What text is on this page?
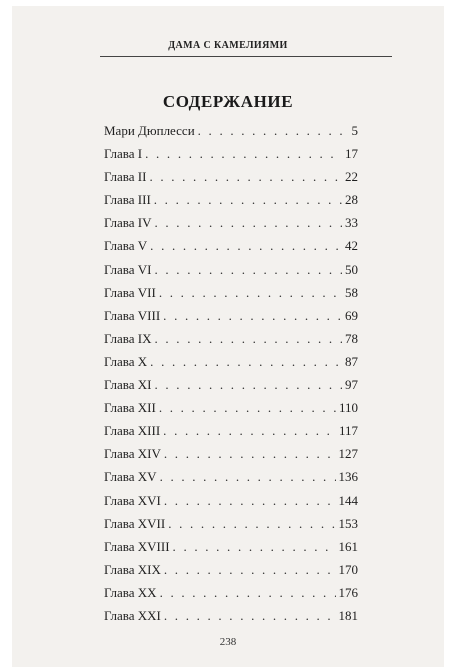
ДАМА С КАМЕЛИЯМИ
СОДЕРЖАНИЕ
Мари Дюплесси . . .	5
Глава I . . .	17
Глава II . . .	22
Глава III . . .	28
Глава IV . . .	33
Глава V . . .	42
Глава VI . . .	50
Глава VII . . .	58
Глава VIII . . .	69
Глава IX . . .	78
Глава X . . .	87
Глава XI . . .	97
Глава XII . . .	110
Глава XIII . . .	117
Глава XIV . . .	127
Глава XV . . .	136
Глава XVI . . .	144
Глава XVII . . .	153
Глава XVIII . . .	161
Глава XIX . . .	170
Глава XX . . .	176
Глава XXI . . .	181
238
